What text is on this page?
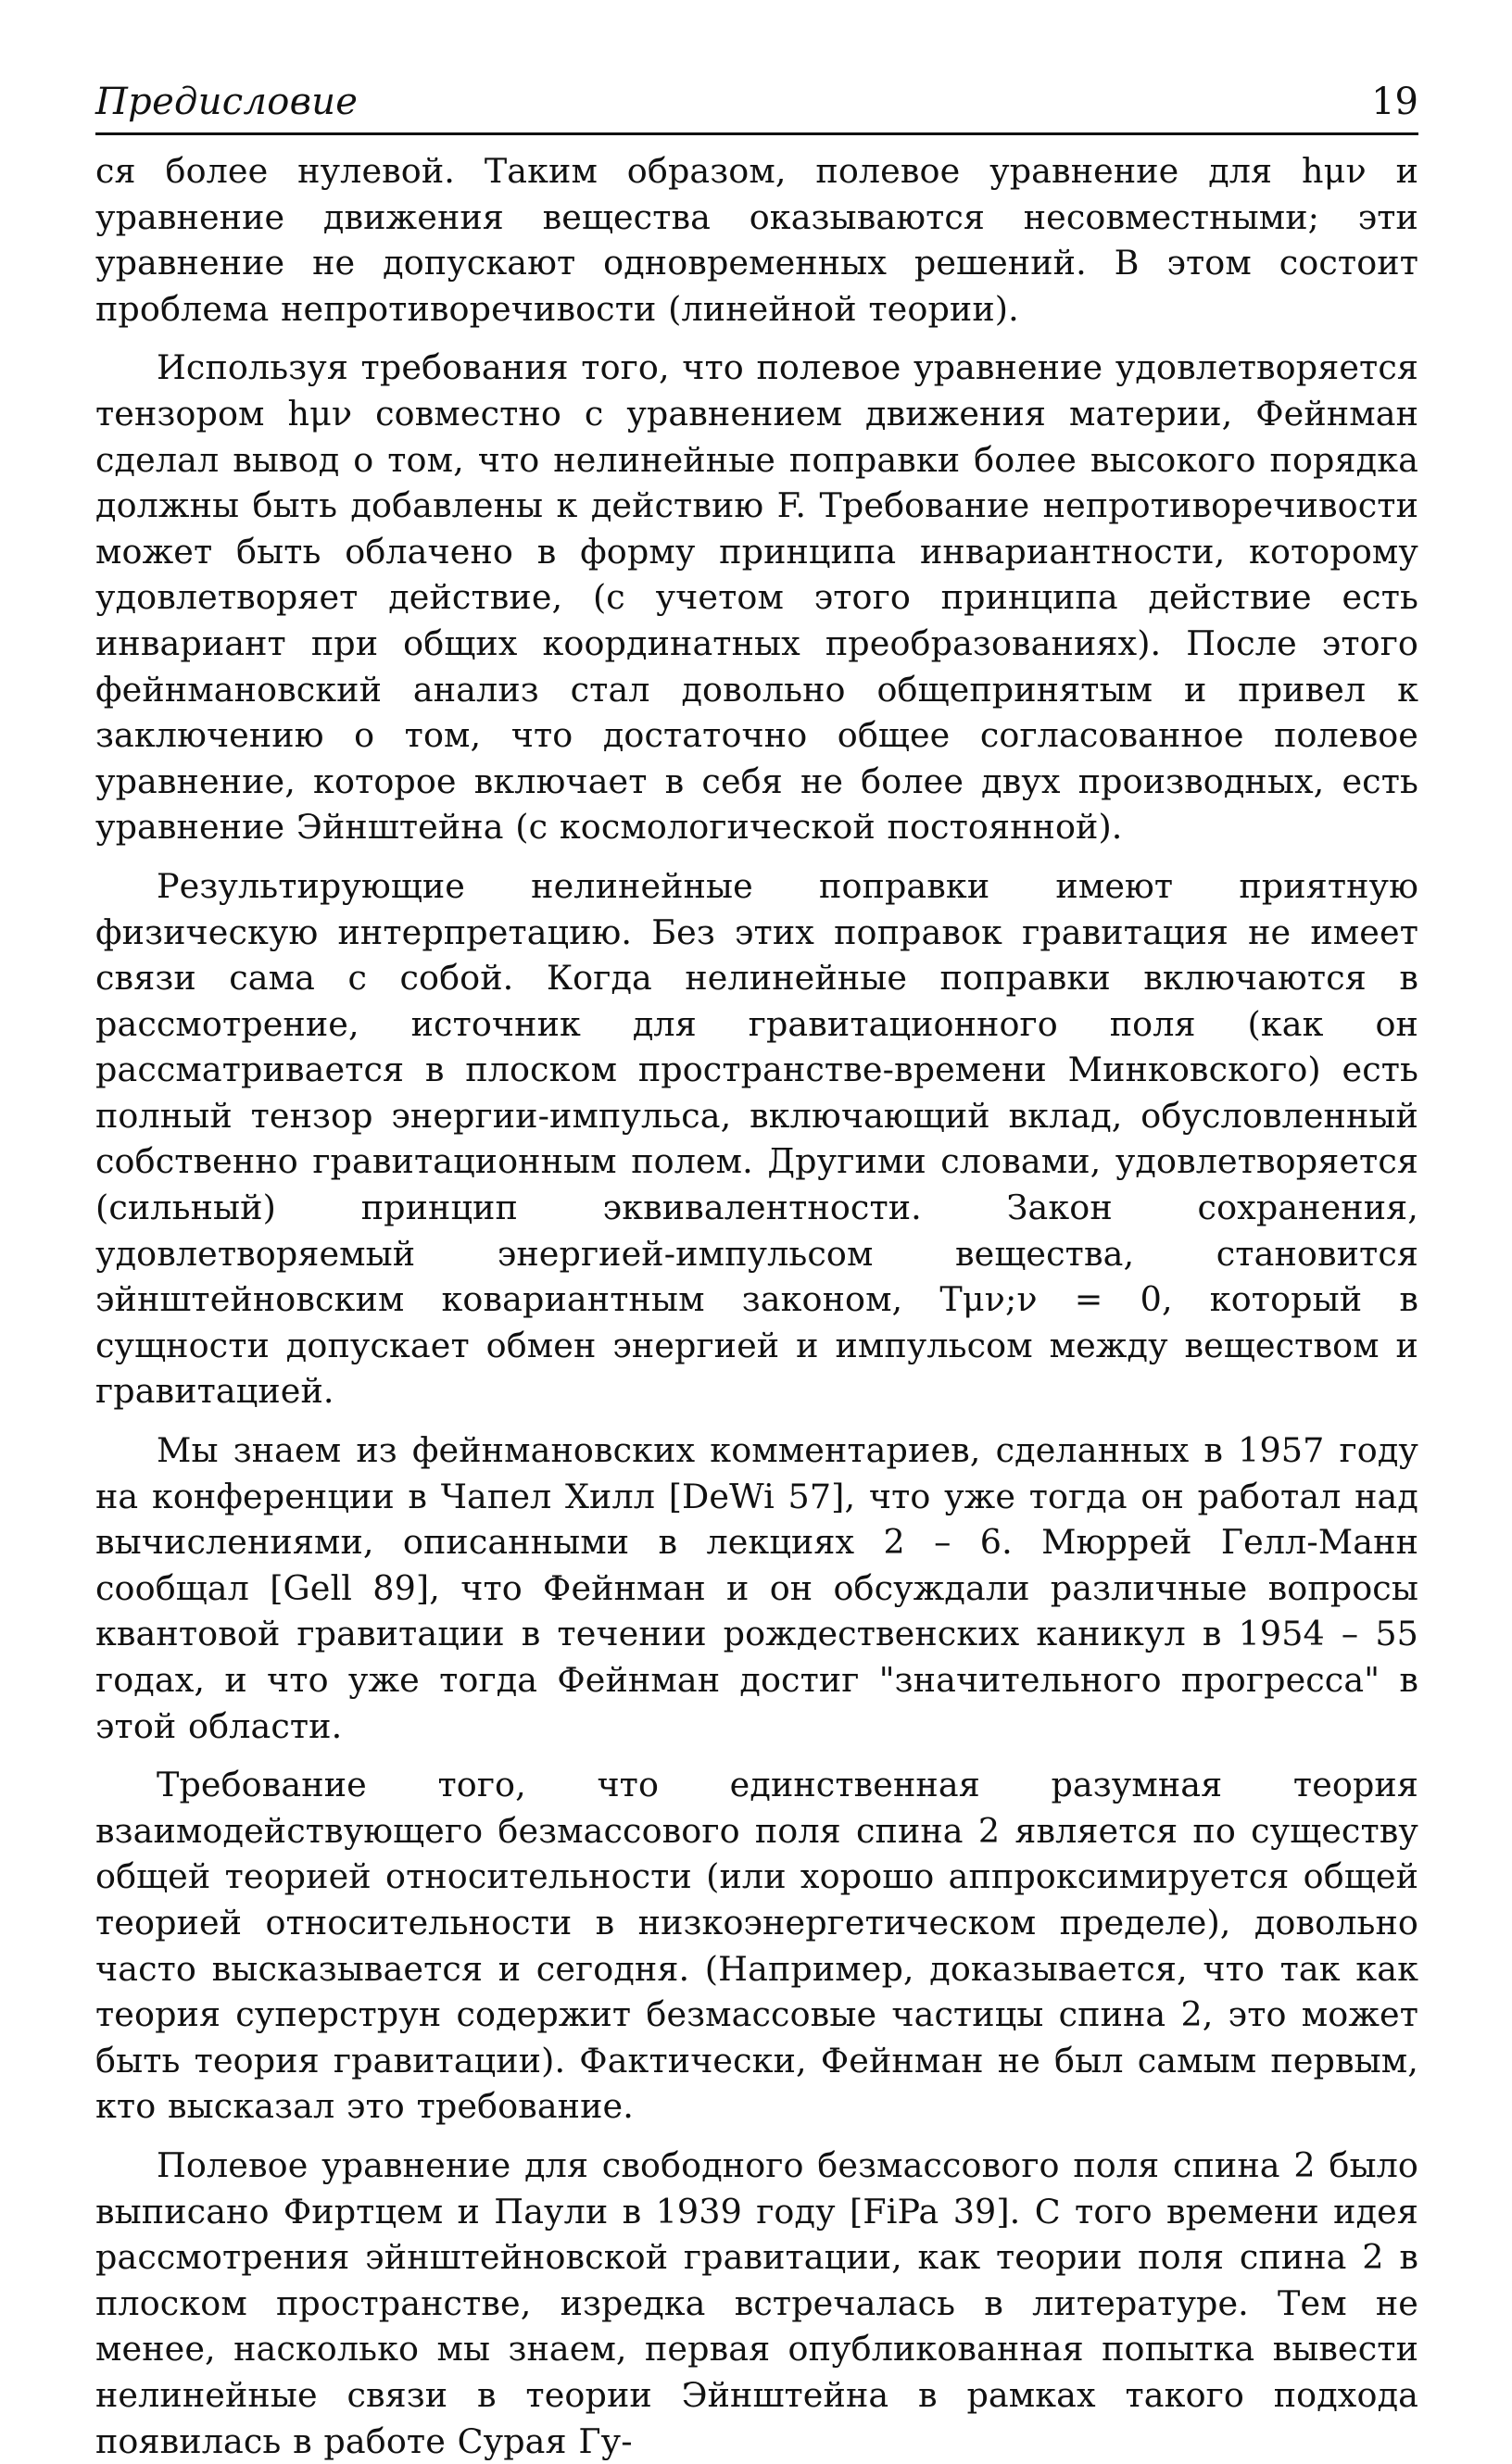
Предисловие	19

ся более нулевой. Таким образом, полевое уравнение для hμν и уравнение движения вещества оказываются несовместными; эти уравнение не допускают одновременных решений. В этом состоит проблема непротиворечивости (линейной теории).

Используя требования того, что полевое уравнение удовлетворяется тензором hμν совместно с уравнением движения материи, Фейнман сделал вывод о том, что нелинейные поправки более высокого порядка должны быть добавлены к действию F. Требование непротиворечивости может быть облачено в форму принципа инвариантности, которому удовлетворяет действие, (с учетом этого принципа действие есть инвариант при общих координатных преобразованиях). После этого фейнмановский анализ стал довольно общепринятым и привел к заключению о том, что достаточно общее согласованное полевое уравнение, которое включает в себя не более двух производных, есть уравнение Эйнштейна (с космологической постоянной).

Результирующие нелинейные поправки имеют приятную физическую интерпретацию. Без этих поправок гравитация не имеет связи сама с собой. Когда нелинейные поправки включаются в рассмотрение, источник для гравитационного поля (как он рассматривается в плоском пространстве-времени Минковского) есть полный тензор энергии-импульса, включающий вклад, обусловленный собственно гравитационным полем. Другими словами, удовлетворяется (сильный) принцип эквивалентности. Закон сохранения, удовлетворяемый энергией-импульсом вещества, становится эйнштейновским ковариантным законом, Tμν;ν = 0, который в сущности допускает обмен энергией и импульсом между веществом и гравитацией.

Мы знаем из фейнмановских комментариев, сделанных в 1957 году на конференции в Чапел Хилл [DeWi 57], что уже тогда он работал над вычислениями, описанными в лекциях 2 – 6. Мюррей Гелл-Манн сообщал [Gell 89], что Фейнман и он обсуждали различные вопросы квантовой гравитации в течении рождественских каникул в 1954 – 55 годах, и что уже тогда Фейнман достиг "значительного прогресса" в этой области.

Требование того, что единственная разумная теория взаимодействующего безмассового поля спина 2 является по существу общей теорией относительности (или хорошо аппроксимируется общей теорией относительности в низкоэнергетическом пределе), довольно часто высказывается и сегодня. (Например, доказывается, что так как теория суперструн содержит безмассовые частицы спина 2, это может быть теория гравитации). Фактически, Фейнман не был самым первым, кто высказал это требование.

Полевое уравнение для свободного безмассового поля спина 2 было выписано Фиртцем и Паули в 1939 году [FiPa 39]. С того времени идея рассмотрения эйнштейновской гравитации, как теории поля спина 2 в плоском пространстве, изредка встречалась в литературе. Тем не менее, насколько мы знаем, первая опубликованная попытка вывести нелинейные связи в теории Эйнштейна в рамках такого подхода появилась в работе Сурая Гу-
